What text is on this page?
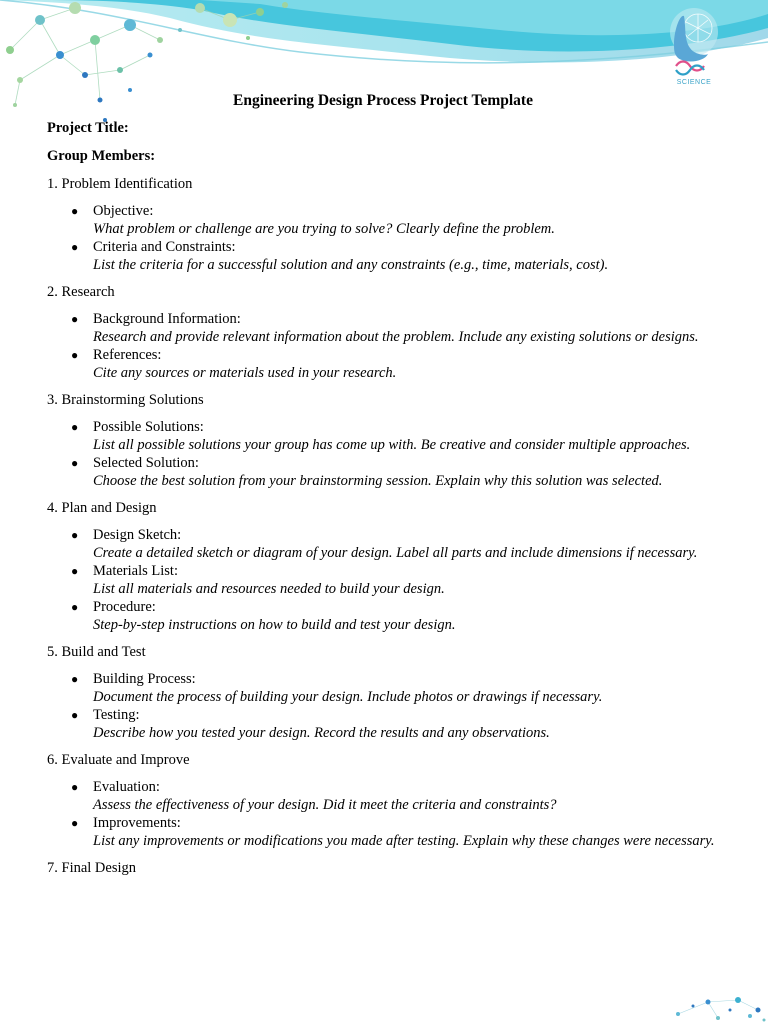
SCIENCE
Engineering Design Process Project Template
Project Title:
Group Members:
1. Problem Identification
● Objective:
What problem or challenge are you trying to solve? Clearly define the problem.
● Criteria and Constraints:
List the criteria for a successful solution and any constraints (e.g., time, materials, cost).
2. Research
● Background Information:
Research and provide relevant information about the problem. Include any existing solutions or designs.
● References:
Cite any sources or materials used in your research.
3. Brainstorming Solutions
● Possible Solutions:
List all possible solutions your group has come up with. Be creative and consider multiple approaches.
● Selected Solution:
Choose the best solution from your brainstorming session. Explain why this solution was selected.
4. Plan and Design
● Design Sketch:
Create a detailed sketch or diagram of your design. Label all parts and include dimensions if necessary.
● Materials List:
List all materials and resources needed to build your design.
● Procedure:
Step-by-step instructions on how to build and test your design.
5. Build and Test
● Building Process:
Document the process of building your design. Include photos or drawings if necessary.
● Testing:
Describe how you tested your design. Record the results and any observations.
6. Evaluate and Improve
● Evaluation:
Assess the effectiveness of your design. Did it meet the criteria and constraints?
● Improvements:
List any improvements or modifications you made after testing. Explain why these changes were necessary.
7. Final Design
